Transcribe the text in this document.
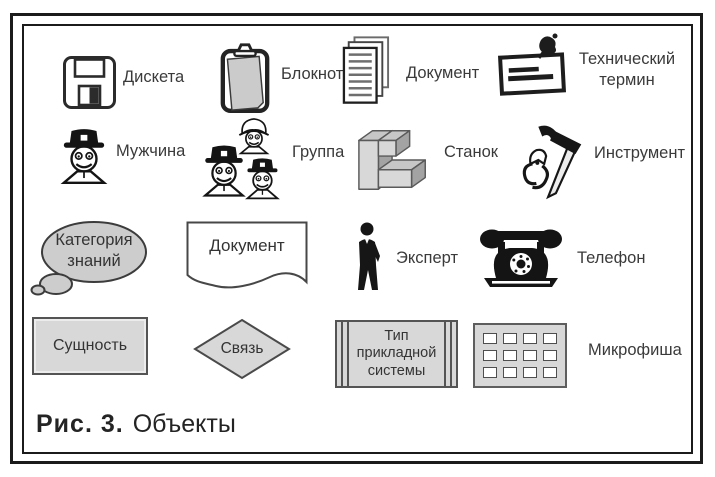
Дискета	Блокнот	Документ
Технический
термин
Мужчина	Группа	Станок	Инструмент
Категория
знаний
Документ
Эксперт	Телефон
Сущность	Связь
Тип
прикладной
системы
Микрофиша
Рис. 3. Объекты
